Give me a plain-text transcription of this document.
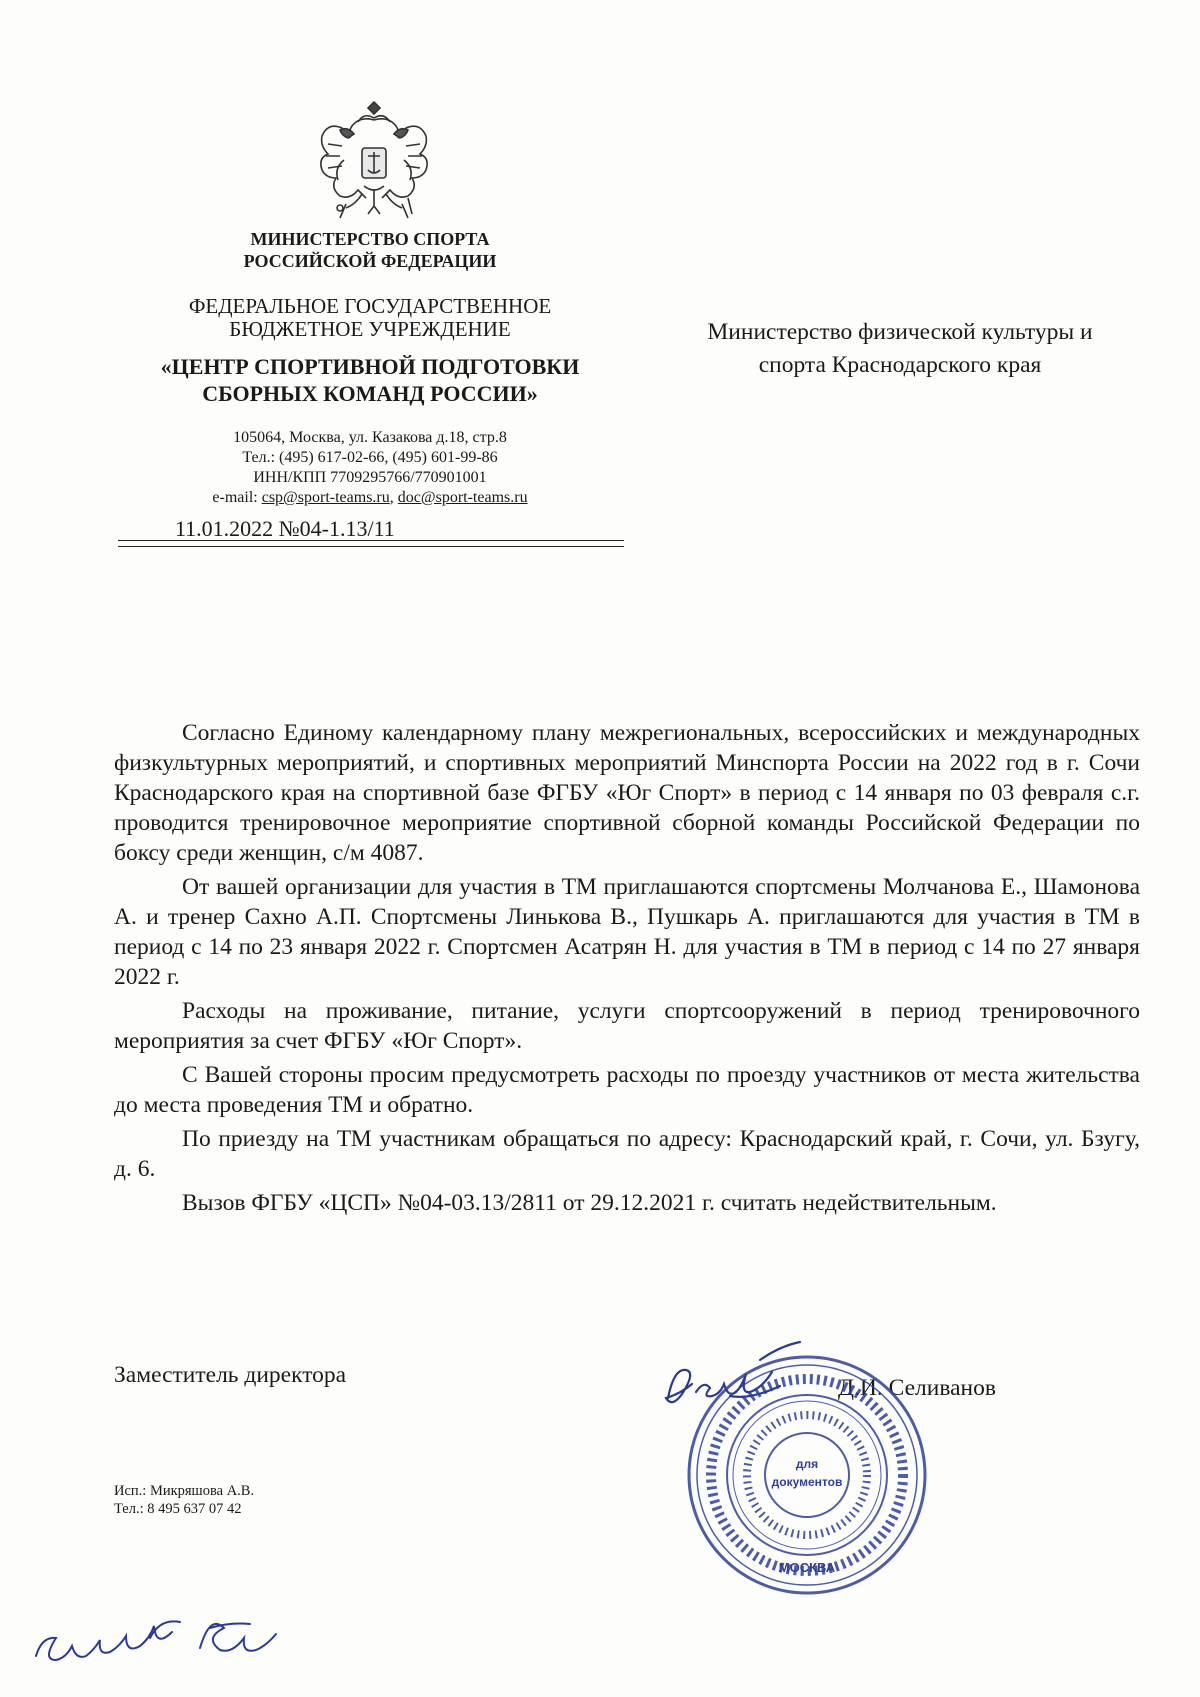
МИНИСТЕРСТВО СПОРТА
РОССИЙСКОЙ ФЕДЕРАЦИИ
ФЕДЕРАЛЬНОЕ ГОСУДАРСТВЕННОЕ
БЮДЖЕТНОЕ УЧРЕЖДЕНИЕ
«ЦЕНТР СПОРТИВНОЙ ПОДГОТОВКИ
СБОРНЫХ КОМАНД РОССИИ»
105064, Москва, ул. Казакова д.18, стр.8
Тел.: (495) 617-02-66, (495) 601-99-86
ИНН/КПП 7709295766/770901001
e-mail: csp@sport-teams.ru, doc@sport-teams.ru
11.01.2022 №04-1.13/11
Министерство физической культуры и
спорта Краснодарского края

Согласно Единому календарному плану межрегиональных, всероссийских и международных физкультурных мероприятий, и спортивных мероприятий Минспорта России на 2022 год в г. Сочи Краснодарского края на спортивной базе ФГБУ «Юг Спорт» в период с 14 января по 03 февраля с.г. проводится тренировочное мероприятие спортивной сборной команды Российской Федерации по боксу среди женщин, с/м 4087.

От вашей организации для участия в ТМ приглашаются спортсмены Молчанова Е., Шамонова А. и тренер Сахно А.П. Спортсмены Линькова В., Пушкарь А. приглашаются для участия в ТМ в период с 14 по 23 января 2022 г. Спортсмен Асатрян Н. для участия в ТМ в период с 14 по 27 января 2022 г.

Расходы на проживание, питание, услуги спортсооружений в период тренировочного мероприятия за счет ФГБУ «Юг Спорт».

С Вашей стороны просим предусмотреть расходы по проезду участников от места жительства до места проведения ТМ и обратно.

По приезду на ТМ участникам обращаться по адресу: Краснодарский край, г. Сочи, ул. Бзугу, д. 6.

Вызов ФГБУ «ЦСП» №04-03.13/2811 от 29.12.2021 г. считать недействительным.

Заместитель директора	Д.И. Селиванов
для
документов
МОСКВА
Исп.: Микряшова А.В.
Тел.: 8 495 637 07 42
